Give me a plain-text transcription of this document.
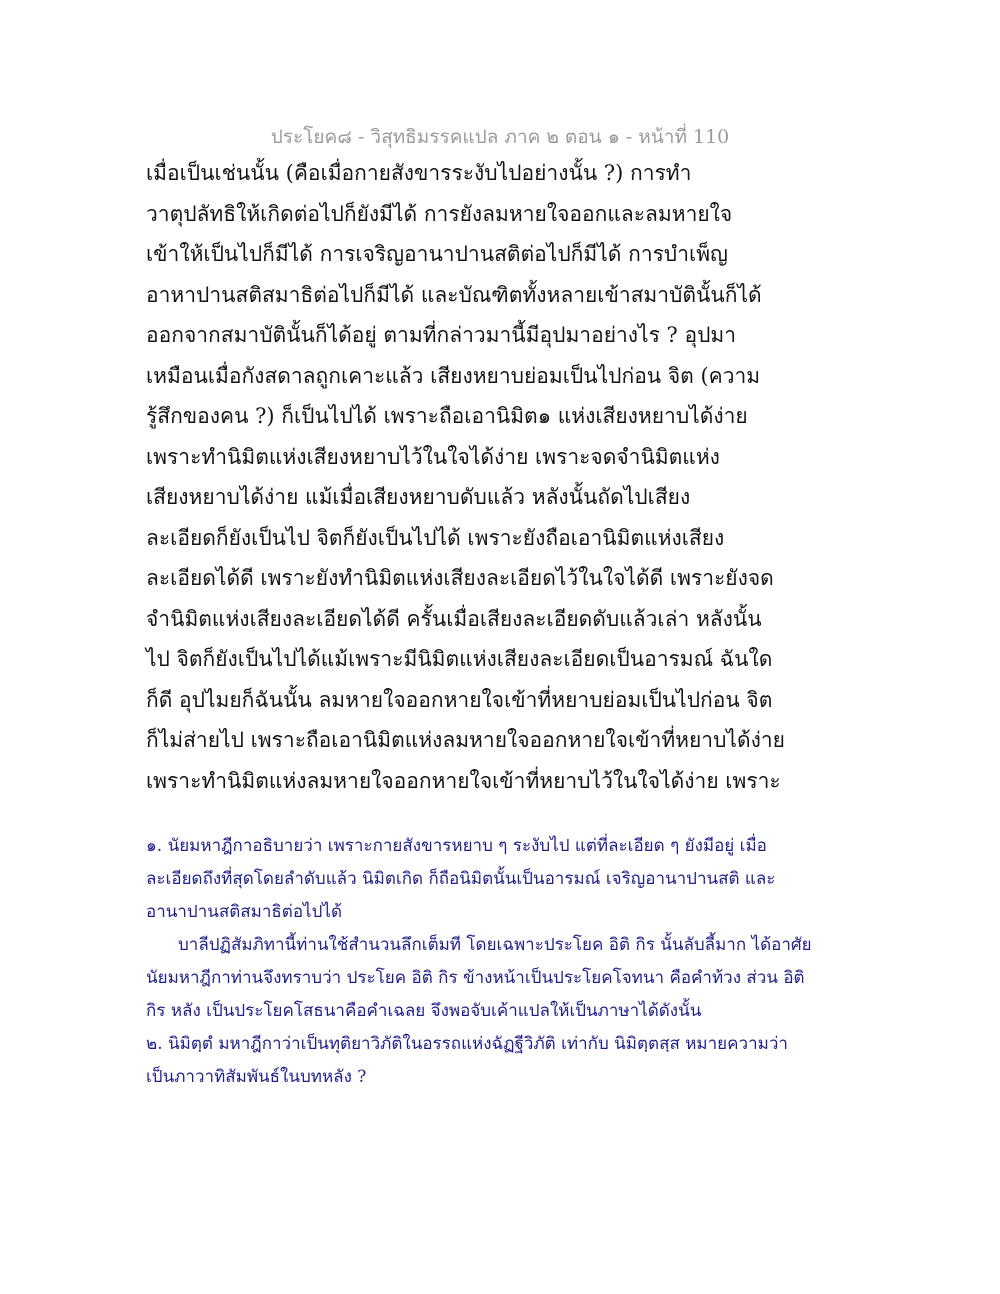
ประโยค๘ - วิสุทธิมรรคแปล ภาค ๒ ตอน ๑ - หน้าที่ 110
เมื่อเป็นเช่นนั้น (คือเมื่อกายสังขารระงับไปอย่างนั้น ?) การทำ
วาตุปลัทธิให้เกิดต่อไปก็ยังมีได้ การยังลมหายใจออกและลมหายใจ
เข้าให้เป็นไปก็มีได้ การเจริญอานาปานสติต่อไปก็มีได้ การบำเพ็ญ
อาหาปานสติสมาธิต่อไปก็มีได้ และบัณฑิตทั้งหลายเข้าสมาบัตินั้นก็ได้
ออกจากสมาบัตินั้นก็ได้อยู่ ตามที่กล่าวมานี้มีอุปมาอย่างไร ? อุปมา
เหมือนเมื่อกังสดาลถูกเคาะแล้ว เสียงหยาบย่อมเป็นไปก่อน จิต (ความ
รู้สึกของคน ?) ก็เป็นไปได้ เพราะถือเอานิมิต๑ แห่งเสียงหยาบได้ง่าย
เพราะทำนิมิตแห่งเสียงหยาบไว้ในใจได้ง่าย เพราะจดจำนิมิตแห่ง
เสียงหยาบได้ง่าย แม้เมื่อเสียงหยาบดับแล้ว หลังนั้นถัดไปเสียง
ละเอียดก็ยังเป็นไป จิตก็ยังเป็นไปได้ เพราะยังถือเอานิมิตแห่งเสียง
ละเอียดได้ดี เพราะยังทำนิมิตแห่งเสียงละเอียดไว้ในใจได้ดี เพราะยังจด
จำนิมิตแห่งเสียงละเอียดได้ดี ครั้นเมื่อเสียงละเอียดดับแล้วเล่า หลังนั้น
ไป จิตก็ยังเป็นไปได้แม้เพราะมีนิมิตแห่งเสียงละเอียดเป็นอารมณ์ ฉันใด
ก็ดี อุปไมยก็ฉันนั้น ลมหายใจออกหายใจเข้าที่หยาบย่อมเป็นไปก่อน จิต
ก็ไม่ส่ายไป เพราะถือเอานิมิตแห่งลมหายใจออกหายใจเข้าที่หยาบได้ง่าย
เพราะทำนิมิตแห่งลมหายใจออกหายใจเข้าที่หยาบไว้ในใจได้ง่าย เพราะ
๑. นัยมหาฎีกาอธิบายว่า เพราะกายสังขารหยาบ ๆ ระงับไป แต่ที่ละเอียด ๆ ยังมีอยู่ เมื่อ
ละเอียดถึงที่สุดโดยลำดับแล้ว นิมิตเกิด ก็ถือนิมิตนั้นเป็นอารมณ์ เจริญอานาปานสติ และ
อานาปานสติสมาธิต่อไปได้
บาลีปฏิสัมภิทานี้ท่านใช้สำนวนลึกเต็มที โดยเฉพาะประโยค อิติ กิร นั้นลับลี้มาก ได้อาศัย
นัยมหาฎีกาท่านจึงทราบว่า ประโยค อิติ กิร ข้างหน้าเป็นประโยคโจทนา คือคำท้วง ส่วน อิติ
กิร หลัง เป็นประโยคโสธนาคือคำเฉลย จึงพอจับเค้าแปลให้เป็นภาษาได้ดังนั้น
๒. นิมิตฺตํ มหาฎีกาว่าเป็นทุติยาวิภัติในอรรถแห่งฉัฏฐีวิภัติ เท่ากับ นิมิตฺตสฺส หมายความว่า
เป็นภาวาทิสัมพันธ์ในบทหลัง ?
